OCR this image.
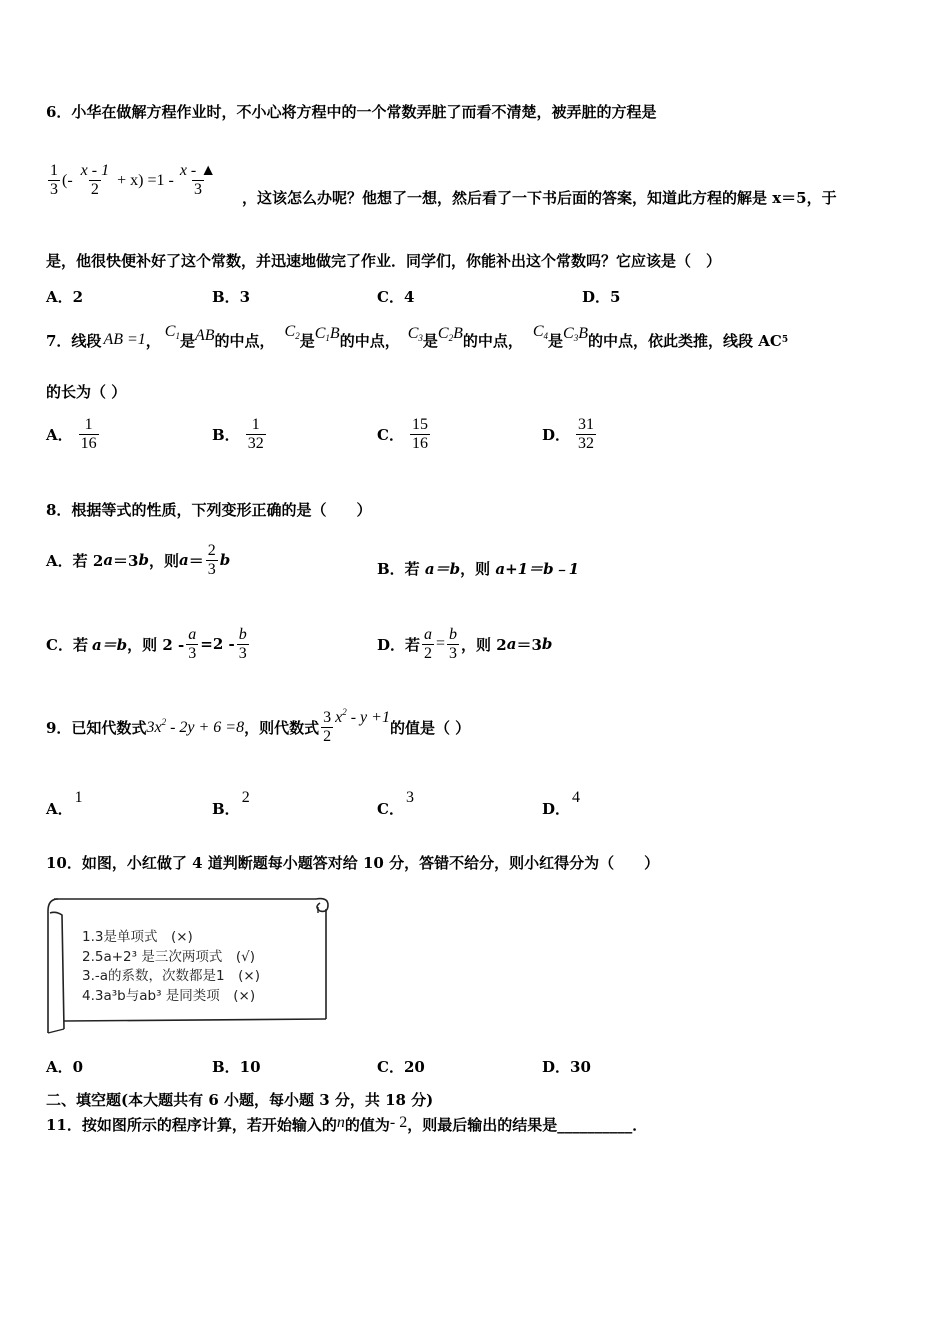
6．小华在做解方程作业时，不小心将方程中的一个常数弄脏了而看不清楚，被弄脏的方程是
$\frac{1}{3}$ (- $\frac{x - 1}{2} + x) =1 - \frac{x - ▲}{3}$ ，这该怎么办呢？他想了一想，然后看了一下书后面的答案，知道此方程的解是 x＝5，于
是，他很快便补好了这个常数，并迅速地做完了作业．同学们，你能补出这个常数吗？它应该是（　）
A．2	B．3	C．4	D．5
7．线段 AB =1 ， $C_1$ 是 AB 的中点， $C_2$ 是 $C_1B$ 的中点， $C_3$ 是 $C_2B$ 的中点， $C_4$ 是 $C_3B$ 的中点，依此类推，线段 AC 5
的长为（ ）
A． $\frac{1}{16}$	B． $\frac{1}{32}$	C． $\frac{15}{16}$	D． $\frac{31}{32}$
8．根据等式的性质，下列变形正确的是（　　）
A．若 2 a ＝3 b ，则 $a = \frac{2}{3}$ b	B．若 a＝b，则 a+1＝b﹣1
C．若 a＝b ，则 $2 - \frac{a}{3} =2 - \frac{b}{3}$	D．若 $\frac{a}{2} = \frac{b}{3}$ ，则 2 a ＝3 b
9．已知代数式 $3x^2 - 2y + 6 =8$ ，则代数式 $\frac{3}{2} x^2 - y +1$
的值是（ ）
A．1
B．2
C．3
D．4
10．如图，小红做了 4 道判断题每小题答对给 10 分，答错不给分，则小红得分为（　　）
1.3是单项式　(×)
2.5a+2³ 是三次两项式　(√)
3.-a的系数，次数都是1　(×)
4.3a³b与ab³ 是同类项　(×)
A．0	B．10	C．20	D．30
二、填空题(本大题共有 6 小题，每小题 3 分，共 18 分)
11．按如图所示的程序计算，若开始输入的n的值为- 2，则最后输出的结果是__________．
